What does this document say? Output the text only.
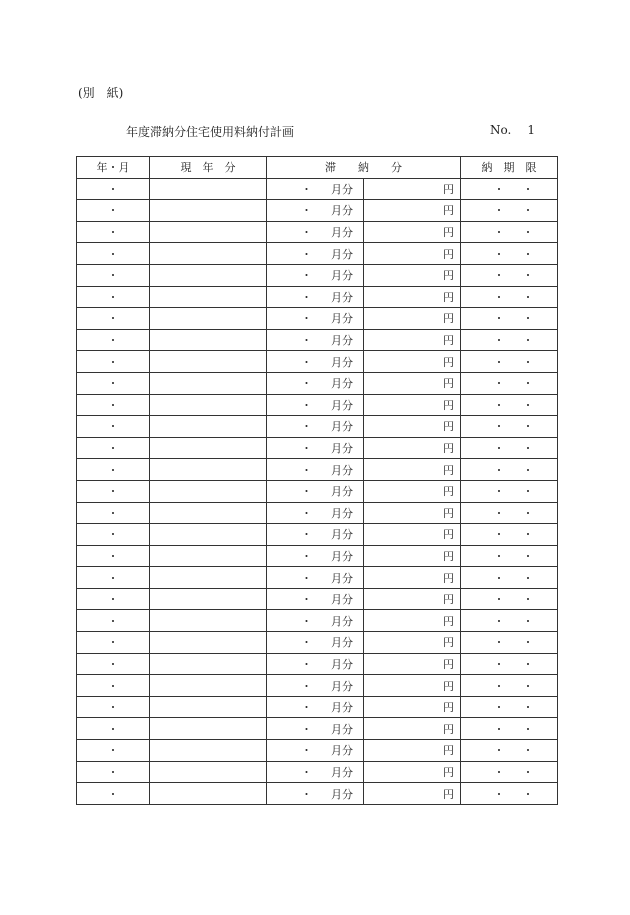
(別　紙)
年度滞納分住宅使用料納付計画	No. 1
年・月	現　年　分	滞　　納　　分		納　期　限
・		・ 月分	円	・ ・
・		・ 月分	円	・ ・
・		・ 月分	円	・ ・
・		・ 月分	円	・ ・
・		・ 月分	円	・ ・
・		・ 月分	円	・ ・
・		・ 月分	円	・ ・
・		・ 月分	円	・ ・
・		・ 月分	円	・ ・
・		・ 月分	円	・ ・
・		・ 月分	円	・ ・
・		・ 月分	円	・ ・
・		・ 月分	円	・ ・
・		・ 月分	円	・ ・
・		・ 月分	円	・ ・
・		・ 月分	円	・ ・
・		・ 月分	円	・ ・
・		・ 月分	円	・ ・
・		・ 月分	円	・ ・
・		・ 月分	円	・ ・
・		・ 月分	円	・ ・
・		・ 月分	円	・ ・
・		・ 月分	円	・ ・
・		・ 月分	円	・ ・
・		・ 月分	円	・ ・
・		・ 月分	円	・ ・
・		・ 月分	円	・ ・
・		・ 月分	円	・ ・
・		・ 月分	円	・ ・
